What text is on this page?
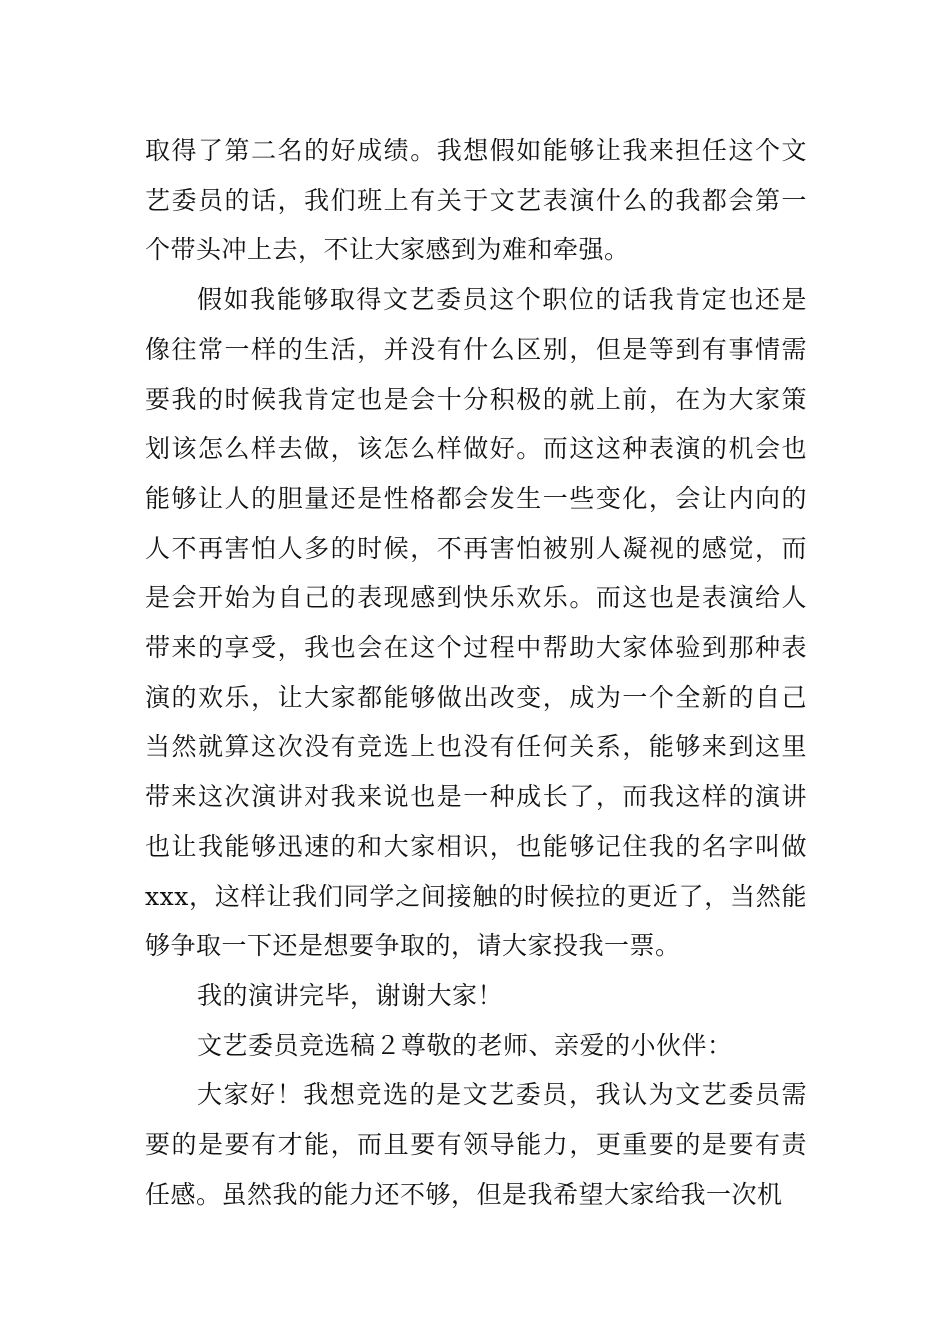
取得了第二名的好成绩。我想假如能够让我来担任这个文艺委员的话，我们班上有关于文艺表演什么的我都会第一个带头冲上去，不让大家感到为难和牵强。

假如我能够取得文艺委员这个职位的话我肯定也还是像往常一样的生活，并没有什么区别，但是等到有事情需要我的时候我肯定也是会十分积极的就上前，在为大家策划该怎么样去做，该怎么样做好。而这这种表演的机会也能够让人的胆量还是性格都会发生一些变化，会让内向的人不再害怕人多的时候，不再害怕被别人凝视的感觉，而是会开始为自己的表现感到快乐欢乐。而这也是表演给人带来的享受，我也会在这个过程中帮助大家体验到那种表演的欢乐，让大家都能够做出改变，成为一个全新的自己当然就算这次没有竞选上也没有任何关系，能够来到这里带来这次演讲对我来说也是一种成长了，而我这样的演讲也让我能够迅速的和大家相识，也能够记住我的名字叫做xxx，这样让我们同学之间接触的时候拉的更近了，当然能够争取一下还是想要争取的，请大家投我一票。

我的演讲完毕，谢谢大家！

文艺委员竞选稿２尊敬的老师、亲爱的小伙伴：

大家好！我想竞选的是文艺委员，我认为文艺委员需要的是要有才能，而且要有领导能力，更重要的是要有责任感。虽然我的能力还不够，但是我希望大家给我一次机
